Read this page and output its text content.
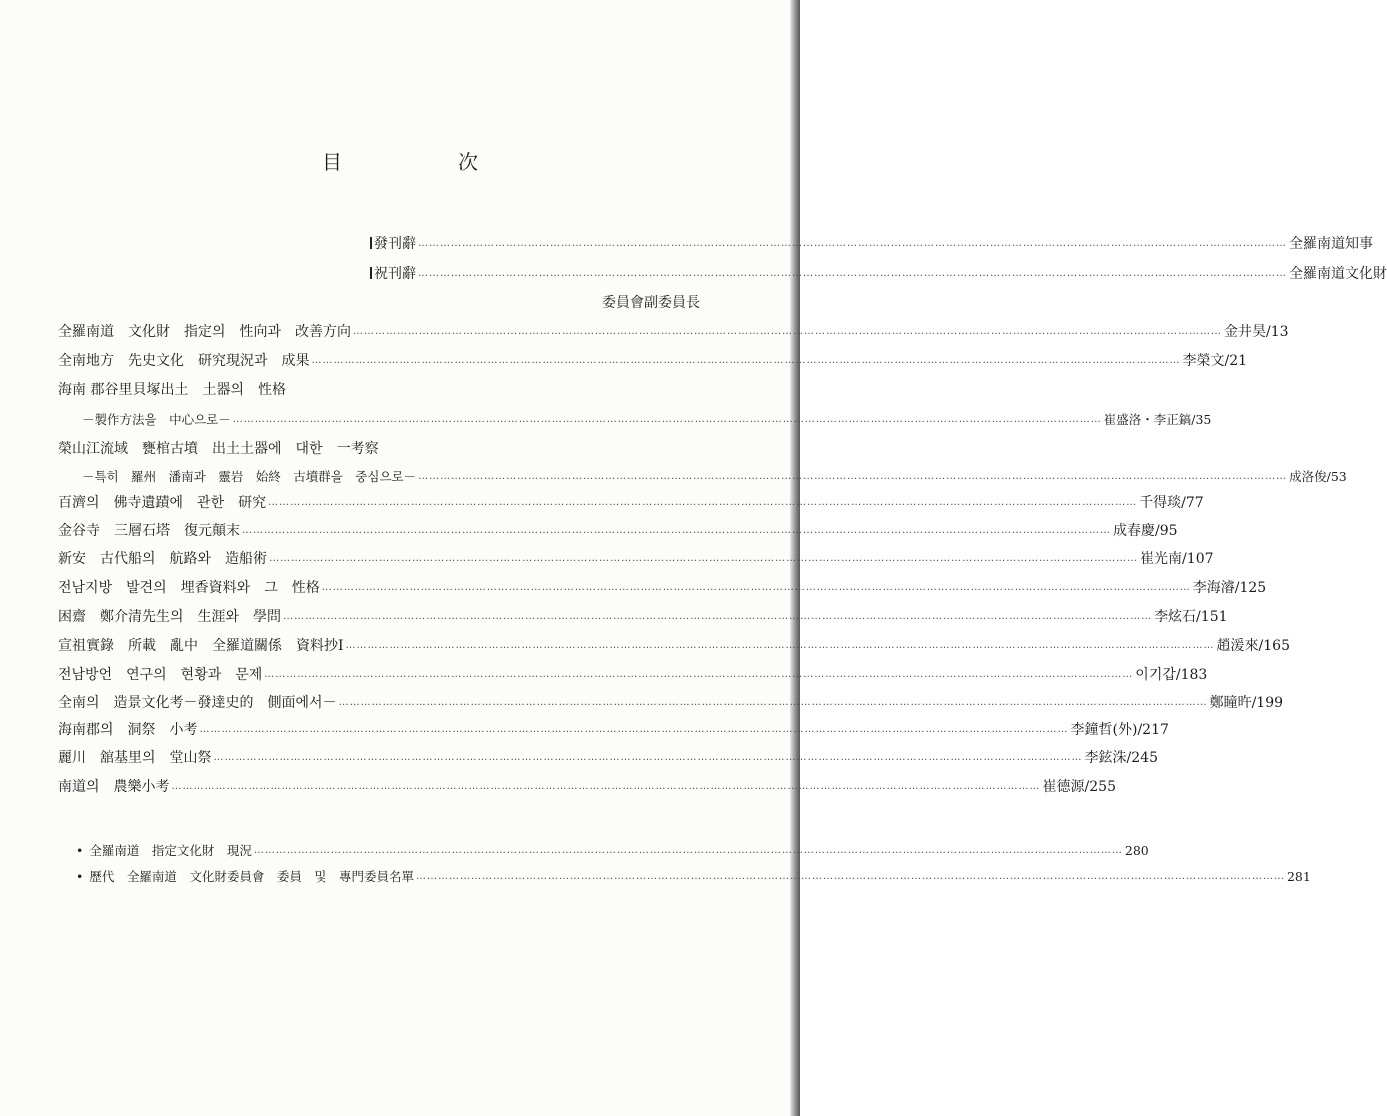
目　次
發刊辭 ………………………………………………………………………………………………………………………………………………………………………………………………………………… 全羅南道知事
祝刊辭 ………………………………………………………………………………………………………………………………………………………………………………………………………………… 全羅南道文化財
委員會副委員長
全羅南道　文化財　指定의　性向과　改善方向 ………………………………………………………………………………………………………………………………………………………………………………………………………………… 金井昊/ 13
全南地方　先史文化　研究現況과　成果 ………………………………………………………………………………………………………………………………………………………………………………………………………………… 李榮文/ 21
海南 郡谷里貝塚出土　土器의　性格
－製作方法을　中心으로－ ………………………………………………………………………………………………………………………………………………………………………………………………………………… 崔盛洛・李正鎬/ 35
榮山江流域　甕棺古墳　出土土器에　대한　一考察
－특히　羅州　潘南과　靈岩　始終　古墳群을　중심으로－ ………………………………………………………………………………………………………………………………………………………………………………………………………………… 成洛俊/ 53
百濟의　佛寺遺蹟에　관한　研究 ………………………………………………………………………………………………………………………………………………………………………………………………………………… 千得琰/ 77
金谷寺　三層石塔　復元顛末 ………………………………………………………………………………………………………………………………………………………………………………………………………………… 成春慶/ 95
新安　古代船의　航路와　造船術 ………………………………………………………………………………………………………………………………………………………………………………………………………………… 崔光南/ 107
전남지방　발견의　埋香資料와　그　性格 ………………………………………………………………………………………………………………………………………………………………………………………………………………… 李海濬/ 125
困齋　鄭介清先生의　生涯와　學問 ………………………………………………………………………………………………………………………………………………………………………………………………………………… 李炫石/ 151
宣祖實錄　所載　亂中　全羅道關係　資料抄Ⅰ ………………………………………………………………………………………………………………………………………………………………………………………………………………… 趙湲來/ 165
전남방언　연구의　현황과　문제 ………………………………………………………………………………………………………………………………………………………………………………………………………………… 이기갑/ 183
全南의　造景文化考－發達史的　側面에서－ ………………………………………………………………………………………………………………………………………………………………………………………………………………… 鄭瞳旿/ 199
海南郡의　洞祭　小考 ………………………………………………………………………………………………………………………………………………………………………………………………………………… 李鐘哲(外)/ 217
麗川　舘基里의　堂山祭 ………………………………………………………………………………………………………………………………………………………………………………………………………………… 李鉉洙/ 245
南道의　農樂小考 ………………………………………………………………………………………………………………………………………………………………………………………………………………… 崔德源/ 255
• 全羅南道　指定文化財　現況 ………………………………………………………………………………………………………………………………………………………………………………………………………………… 280
• 歷代　全羅南道　文化財委員會　委員　및　專門委員名單 ………………………………………………………………………………………………………………………………………………………………………………………………………………… 281
